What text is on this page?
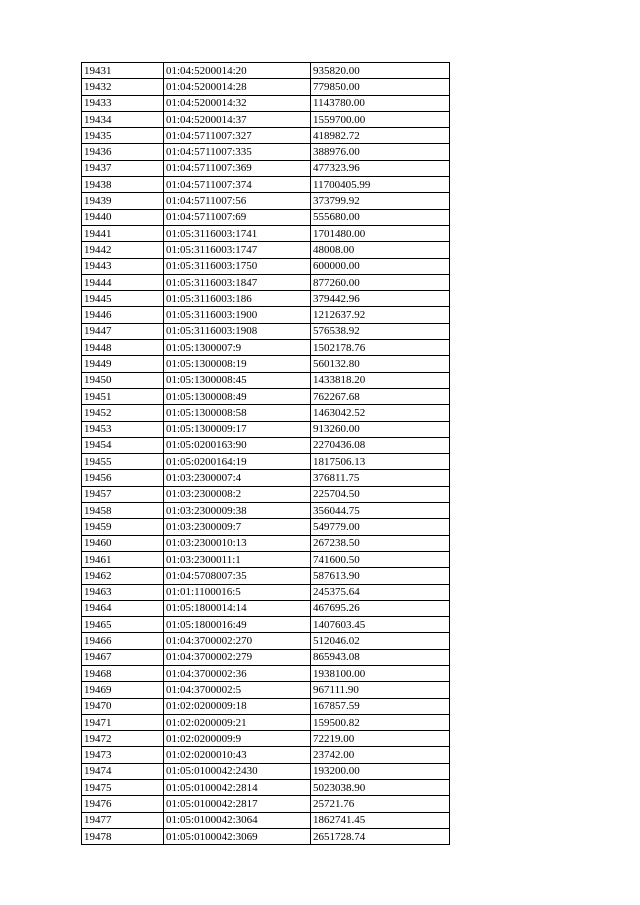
19431	01:04:5200014:20	935820.00
19432	01:04:5200014:28	779850.00
19433	01:04:5200014:32	1143780.00
19434	01:04:5200014:37	1559700.00
19435	01:04:5711007:327	418982.72
19436	01:04:5711007:335	388976.00
19437	01:04:5711007:369	477323.96
19438	01:04:5711007:374	11700405.99
19439	01:04:5711007:56	373799.92
19440	01:04:5711007:69	555680.00
19441	01:05:3116003:1741	1701480.00
19442	01:05:3116003:1747	48008.00
19443	01:05:3116003:1750	600000.00
19444	01:05:3116003:1847	877260.00
19445	01:05:3116003:186	379442.96
19446	01:05:3116003:1900	1212637.92
19447	01:05:3116003:1908	576538.92
19448	01:05:1300007:9	1502178.76
19449	01:05:1300008:19	560132.80
19450	01:05:1300008:45	1433818.20
19451	01:05:1300008:49	762267.68
19452	01:05:1300008:58	1463042.52
19453	01:05:1300009:17	913260.00
19454	01:05:0200163:90	2270436.08
19455	01:05:0200164:19	1817506.13
19456	01:03:2300007:4	376811.75
19457	01:03:2300008:2	225704.50
19458	01:03:2300009:38	356044.75
19459	01:03:2300009:7	549779.00
19460	01:03:2300010:13	267238.50
19461	01:03:2300011:1	741600.50
19462	01:04:5708007:35	587613.90
19463	01:01:1100016:5	245375.64
19464	01:05:1800014:14	467695.26
19465	01:05:1800016:49	1407603.45
19466	01:04:3700002:270	512046.02
19467	01:04:3700002:279	865943.08
19468	01:04:3700002:36	1938100.00
19469	01:04:3700002:5	967111.90
19470	01:02:0200009:18	167857.59
19471	01:02:0200009:21	159500.82
19472	01:02:0200009:9	72219.00
19473	01:02:0200010:43	23742.00
19474	01:05:0100042:2430	193200.00
19475	01:05:0100042:2814	5023038.90
19476	01:05:0100042:2817	25721.76
19477	01:05:0100042:3064	1862741.45
19478	01:05:0100042:3069	2651728.74
